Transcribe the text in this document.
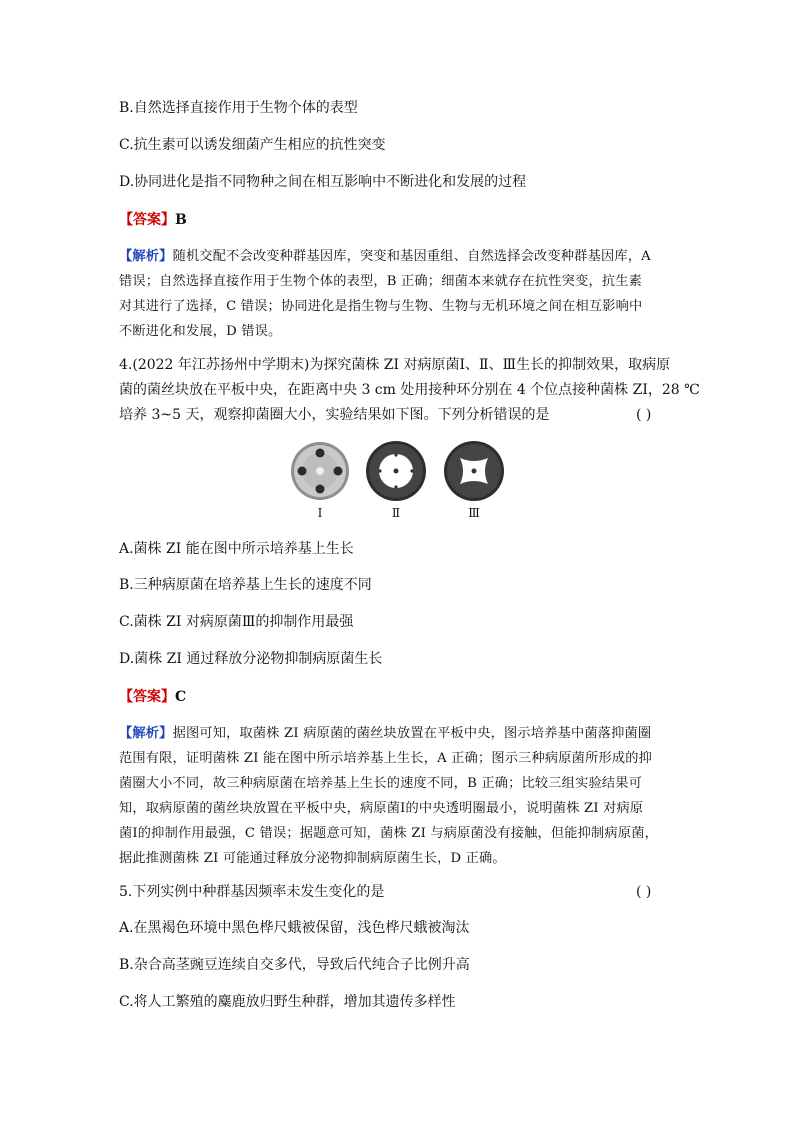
B.自然选择直接作用于生物个体的表型
C.抗生素可以诱发细菌产生相应的抗性突变
D.协同进化是指不同物种之间在相互影响中不断进化和发展的过程
【答案】B
【解析】随机交配不会改变种群基因库，突变和基因重组、自然选择会改变种群基因库，A
错误；自然选择直接作用于生物个体的表型，B 正确；细菌本来就存在抗性突变，抗生素
对其进行了选择，C 错误；协同进化是指生物与生物、生物与无机环境之间在相互影响中
不断进化和发展，D 错误。
4.(2022 年江苏扬州中学期末)为探究菌株 ZI 对病原菌Ⅰ、Ⅱ、Ⅲ生长的抑制效果，取病原
菌的菌丝块放在平板中央，在距离中央 3 cm 处用接种环分别在 4 个位点接种菌株 ZI，28 ℃
培养 3~5 天，观察抑菌圈大小，实验结果如下图。下列分析错误的是	( )
Ⅰ	Ⅱ	Ⅲ
A.菌株 ZI 能在图中所示培养基上生长
B.三种病原菌在培养基上生长的速度不同
C.菌株 ZI 对病原菌Ⅲ的抑制作用最强
D.菌株 ZI 通过释放分泌物抑制病原菌生长
【答案】C
【解析】据图可知，取菌株 ZI 病原菌的菌丝块放置在平板中央，图示培养基中菌落抑菌圈
范围有限，证明菌株 ZI 能在图中所示培养基上生长，A 正确；图示三种病原菌所形成的抑
菌圈大小不同，故三种病原菌在培养基上生长的速度不同，B 正确；比较三组实验结果可
知，取病原菌的菌丝块放置在平板中央，病原菌Ⅰ的中央透明圈最小，说明菌株 ZI 对病原
菌Ⅰ的抑制作用最强，C 错误；据题意可知，菌株 ZI 与病原菌没有接触，但能抑制病原菌，
据此推测菌株 ZI 可能通过释放分泌物抑制病原菌生长，D 正确。
5.下列实例中种群基因频率未发生变化的是	( )
A.在黑褐色环境中黑色桦尺蛾被保留，浅色桦尺蛾被淘汰
B.杂合高茎豌豆连续自交多代，导致后代纯合子比例升高
C.将人工繁殖的麋鹿放归野生种群，增加其遗传多样性
